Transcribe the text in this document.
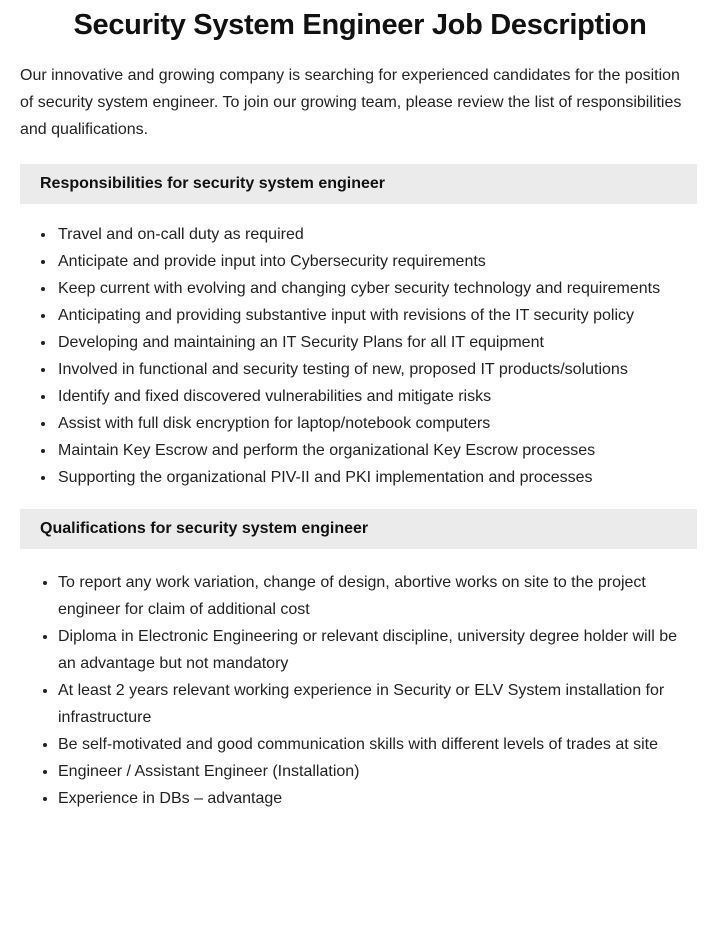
Security System Engineer Job Description

Our innovative and growing company is searching for experienced candidates for the position of security system engineer. To join our growing team, please review the list of responsibilities and qualifications.

Responsibilities for security system engineer
Travel and on-call duty as required
Anticipate and provide input into Cybersecurity requirements
Keep current with evolving and changing cyber security technology and requirements
Anticipating and providing substantive input with revisions of the IT security policy
Developing and maintaining an IT Security Plans for all IT equipment
Involved in functional and security testing of new, proposed IT products/solutions
Identify and fixed discovered vulnerabilities and mitigate risks
Assist with full disk encryption for laptop/notebook computers
Maintain Key Escrow and perform the organizational Key Escrow processes
Supporting the organizational PIV-II and PKI implementation and processes
Qualifications for security system engineer
To report any work variation, change of design, abortive works on site to the project engineer for claim of additional cost
Diploma in Electronic Engineering or relevant discipline, university degree holder will be an advantage but not mandatory
At least 2 years relevant working experience in Security or ELV System installation for infrastructure
Be self-motivated and good communication skills with different levels of trades at site
Engineer / Assistant Engineer (Installation)
Experience in DBs – advantage
